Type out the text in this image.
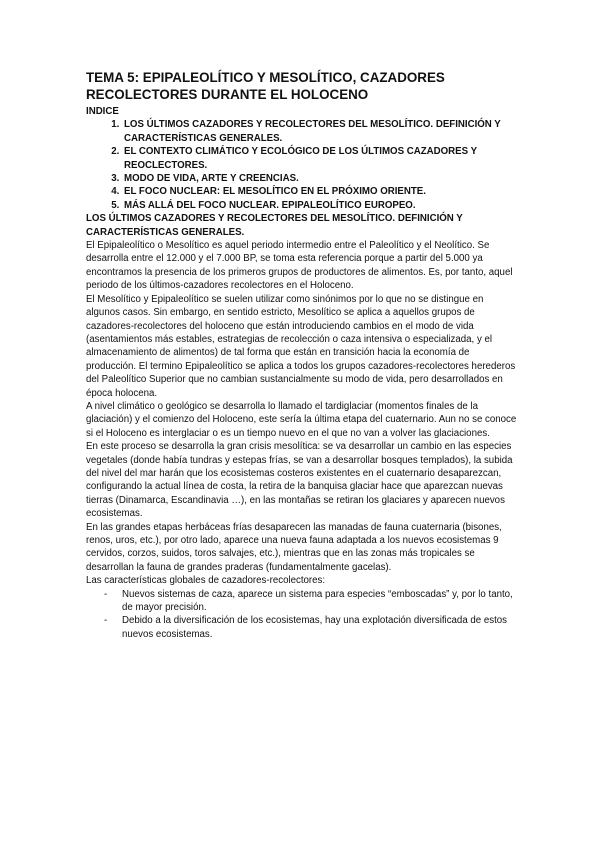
TEMA 5: EPIPALEOLÍTICO Y MESOLÍTICO, CAZADORES RECOLECTORES DURANTE EL HOLOCENO

INDICE

1. LOS ÚLTIMOS CAZADORES Y RECOLECTORES DEL MESOLÍTICO. DEFINICIÓN Y CARACTERÍSTICAS GENERALES.
2. EL CONTEXTO CLIMÁTICO Y ECOLÓGICO DE LOS ÚLTIMOS CAZADORES Y REOCLECTORES.
3. MODO DE VIDA, ARTE Y CREENCIAS.
4. EL FOCO NUCLEAR: EL MESOLÍTICO EN EL PRÓXIMO ORIENTE.
5. MÁS ALLÁ DEL FOCO NUCLEAR. EPIPALEOLÍTICO EUROPEO.

LOS ÚLTIMOS CAZADORES Y RECOLECTORES DEL MESOLÍTICO. DEFINICIÓN Y CARACTERÍSTICAS GENERALES.

El Epipaleolítico o Mesolítico es aquel periodo intermedio entre el Paleolítico y el Neolítico. Se desarrolla entre el 12.000 y el 7.000 BP, se toma esta referencia porque a partir del 5.000 ya encontramos la presencia de los primeros grupos de productores de alimentos. Es, por tanto, aquel periodo de los últimos-cazadores recolectores en el Holoceno.

El Mesolítico y Epipaleolítico se suelen utilizar como sinónimos por lo que no se distingue en algunos casos. Sin embargo, en sentido estricto, Mesolítico se aplica a aquellos grupos de cazadores-recolectores del holoceno que están introduciendo cambios en el modo de vida (asentamientos más estables, estrategias de recolección o caza intensiva o especializada, y el almacenamiento de alimentos) de tal forma que están en transición hacia la economía de producción. El termino Epipaleolítico se aplica a todos los grupos cazadores-recolectores herederos del Paleolítico Superior que no cambian sustancialmente su modo de vida, pero desarrollados en época holocena.

A nivel climático o geológico se desarrolla lo llamado el tardiglaciar (momentos finales de la glaciación) y el comienzo del Holoceno, este sería la última etapa del cuaternario. Aun no se conoce si el Holoceno es interglaciar o es un tiempo nuevo en el que no van a volver las glaciaciones.

En este proceso se desarrolla la gran crisis mesolítica: se va desarrollar un cambio en las especies vegetales (donde había tundras y estepas frías, se van a desarrollar bosques templados), la subida del nivel del mar harán que los ecosistemas costeros existentes en el cuaternario desaparezcan, configurando la actual línea de costa, la retira de la banquisa glaciar hace que aparezcan nuevas tierras (Dinamarca, Escandinavia …), en las montañas se retiran los glaciares y aparecen nuevos ecosistemas.

En las grandes etapas herbáceas frías desaparecen las manadas de fauna cuaternaria (bisones, renos, uros, etc.), por otro lado, aparece una nueva fauna adaptada a los nuevos ecosistemas 9 cervidos, corzos, suidos, toros salvajes, etc.), mientras que en las zonas más tropicales se desarrollan la fauna de grandes praderas (fundamentalmente gacelas).

Las características globales de cazadores-recolectores:

- Nuevos sistemas de caza, aparece un sistema para especies “emboscadas” y, por lo tanto, de mayor precisión.
- Debido a la diversificación de los ecosistemas, hay una explotación diversificada de estos nuevos ecosistemas.
